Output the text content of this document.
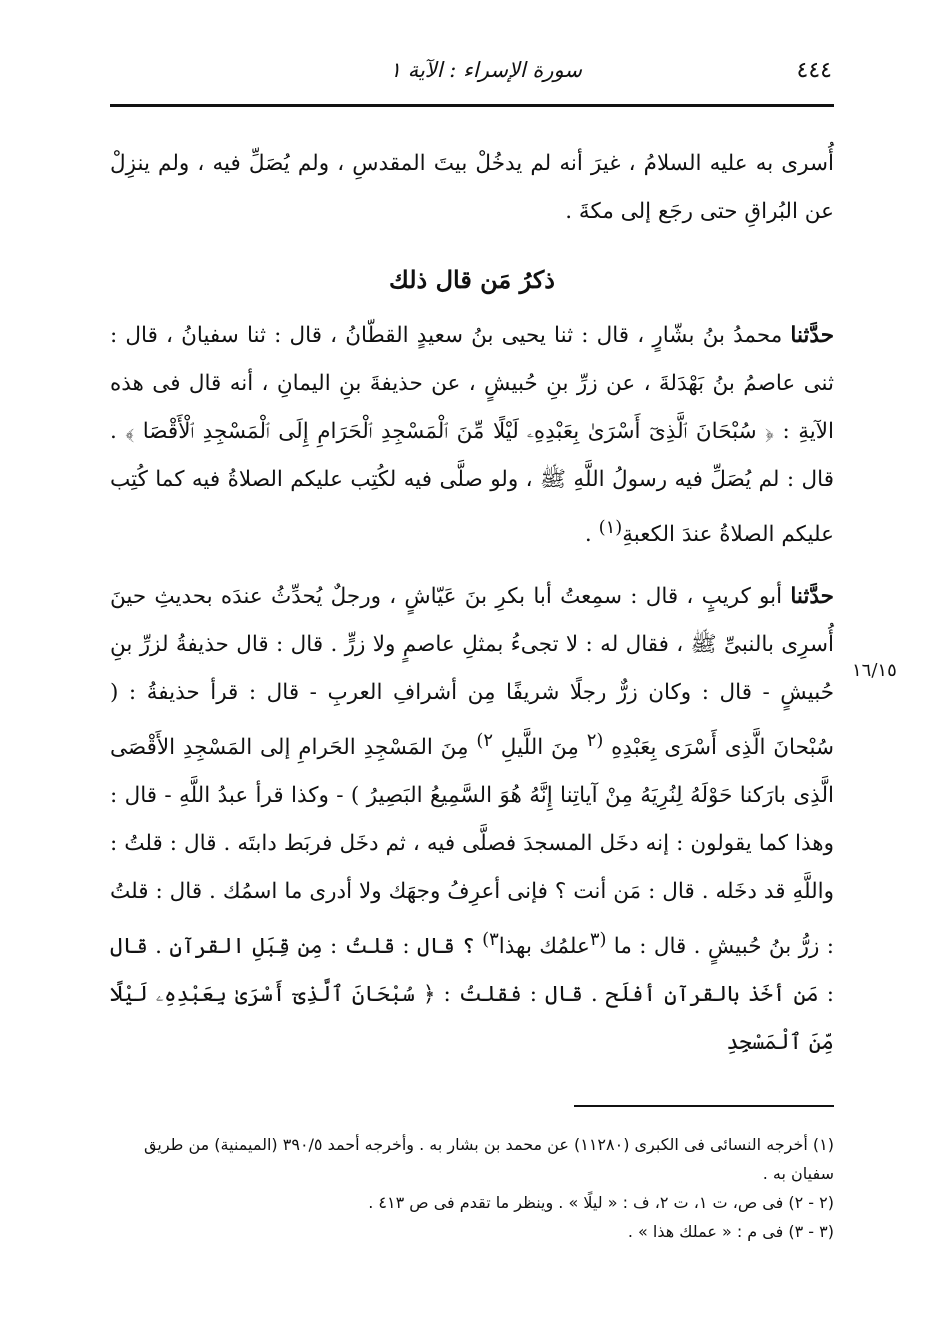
٤٤٤
سورة الإسراء : الآية ١
١٦/١٥

أُسرى به عليه السلامُ ، غيرَ أنه لم يدخُلْ بيتَ المقدسِ ، ولم يُصَلِّ فيه ، ولم ينزِلْ عن البُراقِ حتى رجَع إلى مكةَ .

ذكرُ مَن قال ذلك

حدَّثنا محمدُ بنُ بشّارٍ ، قال : ثنا يحيى بنُ سعيدٍ القطّانُ ، قال : ثنا سفيانُ ، قال : ثنى عاصمُ بنُ بَهْدَلةَ ، عن زرِّ بنِ حُبيشٍ ، عن حذيفةَ بنِ اليمانِ ، أنه قال فى هذه الآيةِ : ﴿ سُبْحَانَ ٱلَّذِىٓ أَسْرَىٰ بِعَبْدِهِۦ لَيْلًا مِّنَ ٱلْمَسْجِدِ ٱلْحَرَامِ إِلَى ٱلْمَسْجِدِ ٱلْأَقْصَا ﴾ . قال : لم يُصَلِّ فيه رسولُ اللَّهِ ﷺ ، ولو صلَّى فيه لكُتِب عليكم الصلاةُ فيه كما كُتِب عليكم الصلاةُ عندَ الكعبةِ$^{(١)}$ .

حدَّثنا أبو كريبٍ ، قال : سمِعتُ أبا بكرِ بنَ عَيّاشٍ ، ورجلٌ يُحدِّثُ عندَه بحديثِ حينَ أُسرِى بالنبىِّ ﷺ ، فقال له : لا تجىءُ بمثلِ عاصمٍ ولا زرٍّ . قال : قال حذيفةُ لزرِّ بنِ حُبيشٍ - قال : وكان زرٌّ رجلًا شريفًا مِن أشرافِ العربِ - قال : قرأ حذيفةُ : ( سُبْحانَ الَّذِى أَسْرَى بِعَبْدِهِ $^{(٢}$ مِنَ اللَّيلِ $^{٢)}$ مِنَ المَسْجِدِ الحَرامِ إلى المَسْجِدِ الأَقْصَى الَّذِى بارَكنا حَوْلَهُ لِنُرِيَهُ مِنْ آياتِنا إِنَّهُ هُوَ السَّمِيعُ البَصِيرُ ) - وكذا قرأ عبدُ اللَّهِ - قال : وهذا كما يقولون : إنه دخَل المسجدَ فصلَّى فيه ، ثم دخَل فربَط دابتَه . قال : قلتُ : واللَّهِ قد دخَله . قال : مَن أنت ؟ فإنى أعرِفُ وجهَك ولا أدرى ما اسمُك . قال : قلتُ : زرُّ بنُ حُبيشٍ . قال : ما $^{(٣}$علمُك بهذا$^{٣)}$ ؟ قال : قلتُ : مِن قِبَلِ القرآنِ . قال : مَن أخَذ بالقرآنِ أفلَح . قال : فقلتُ : ﴿ سُبْحَانَ ٱلَّذِىٓ أَسْرَىٰ بِعَبْدِهِۦ لَيْلًا مِّنَ ٱلْمَسْجِدِ

(١) أخرجه النسائى فى الكبرى (١١٢٨٠) عن محمد بن بشار به . وأخرجه أحمد ٣٩٠/٥ (الميمنية) من طريق سفيان به .

(٢ - ٢) فى ص، ت ١، ت ٢، ف : « ليلًا » . وينظر ما تقدم فى ص ٤١٣ .

(٣ - ٣) فى م : « عملك هذا » .
